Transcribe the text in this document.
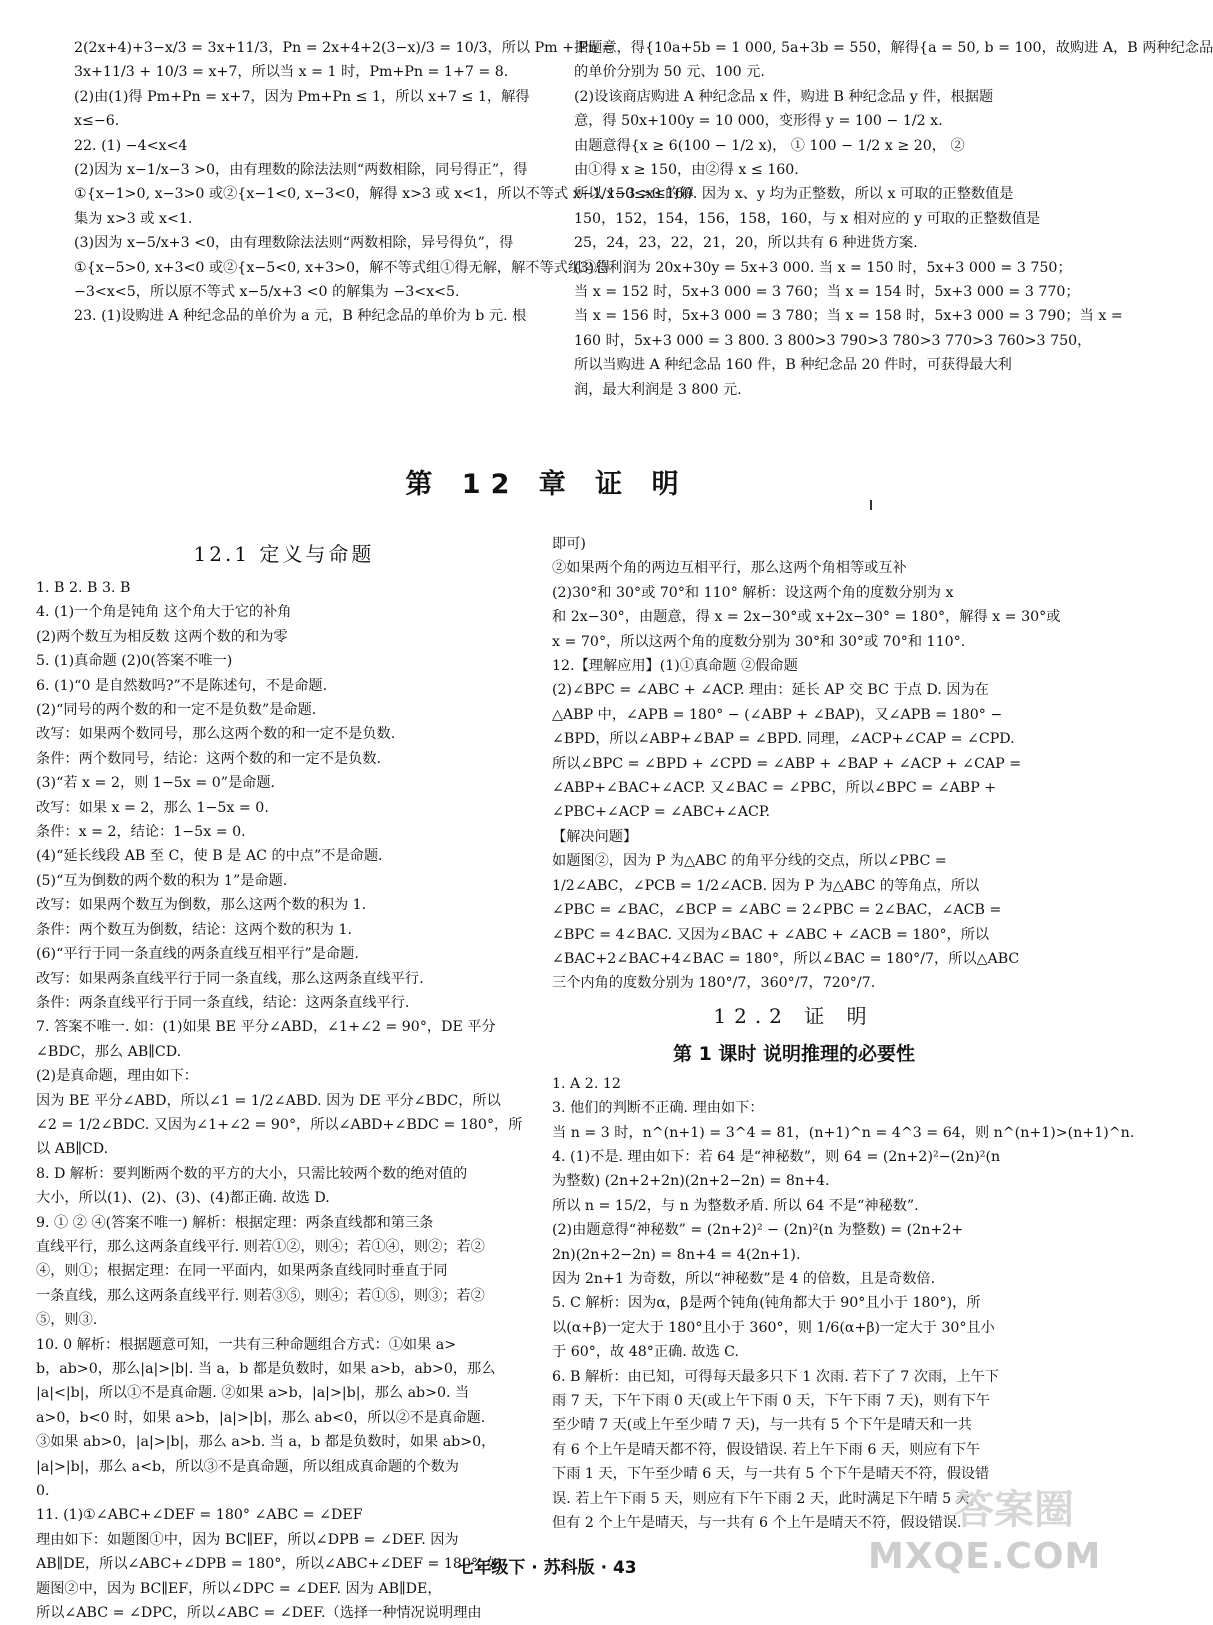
2(2x+4)+3−x/3 = 3x+11/3，Pn = 2x+4+2(3−x)/3 = 10/3，所以 Pm + Pn =
3x+11/3 + 10/3 = x+7，所以当 x = 1 时，Pm+Pn = 1+7 = 8.
(2)由(1)得 Pm+Pn = x+7，因为 Pm+Pn ≤ 1，所以 x+7 ≤ 1，解得
x≤−6.
22. (1) −4<x<4
(2)因为 x−1/x−3 >0，由有理数的除法法则“两数相除，同号得正”，得
①{x−1>0, x−3>0 或②{x−1<0, x−3<0，解得 x>3 或 x<1，所以不等式 x−1/x−3 >0 的解
集为 x>3 或 x<1.
(3)因为 x−5/x+3 <0，由有理数除法法则“两数相除，异号得负”，得
①{x−5>0, x+3<0 或②{x−5<0, x+3>0，解不等式组①得无解，解不等式组②得
−3<x<5，所以原不等式 x−5/x+3 <0 的解集为 −3<x<5.
23. (1)设购进 A 种纪念品的单价为 a 元，B 种纪念品的单价为 b 元. 根
据题意，得{10a+5b = 1 000, 5a+3b = 550，解得{a = 50, b = 100，故购进 A，B 两种纪念品
的单价分别为 50 元、100 元.
(2)设该商店购进 A 种纪念品 x 件，购进 B 种纪念品 y 件，根据题
意，得 50x+100y = 10 000，变形得 y = 100 − 1/2 x.
由题意得{x ≥ 6(100 − 1/2 x)， ① 100 − 1/2 x ≥ 20， ②
由①得 x ≥ 150，由②得 x ≤ 160.
所以 150≤x≤160. 因为 x、y 均为正整数，所以 x 可取的正整数值是
150，152，154，156，158，160，与 x 相对应的 y 可取的正整数值是
25，24，23，22，21，20，所以共有 6 种进货方案.
(3)总利润为 20x+30y = 5x+3 000. 当 x = 150 时，5x+3 000 = 3 750；
当 x = 152 时，5x+3 000 = 3 760；当 x = 154 时，5x+3 000 = 3 770；
当 x = 156 时，5x+3 000 = 3 780；当 x = 158 时，5x+3 000 = 3 790；当 x =
160 时，5x+3 000 = 3 800. 3 800>3 790>3 780>3 770>3 760>3 750，
所以当购进 A 种纪念品 160 件，B 种纪念品 20 件时，可获得最大利
润，最大利润是 3 800 元.
第 12 章 证 明
12.1 定义与命题
1. B 2. B 3. B
4. (1)一个角是钝角 这个角大于它的补角
(2)两个数互为相反数 这两个数的和为零
5. (1)真命题 (2)0(答案不唯一)
6. (1)“0 是自然数吗?”不是陈述句，不是命题.
(2)“同号的两个数的和一定不是负数”是命题.
改写：如果两个数同号，那么这两个数的和一定不是负数.
条件：两个数同号，结论：这两个数的和一定不是负数.
(3)“若 x = 2，则 1−5x = 0”是命题.
改写：如果 x = 2，那么 1−5x = 0.
条件：x = 2，结论：1−5x = 0.
(4)“延长线段 AB 至 C，使 B 是 AC 的中点”不是命题.
(5)“互为倒数的两个数的积为 1”是命题.
改写：如果两个数互为倒数，那么这两个数的积为 1.
条件：两个数互为倒数，结论：这两个数的积为 1.
(6)“平行于同一条直线的两条直线互相平行”是命题.
改写：如果两条直线平行于同一条直线，那么这两条直线平行.
条件：两条直线平行于同一条直线，结论：这两条直线平行.
7. 答案不唯一. 如：(1)如果 BE 平分∠ABD，∠1+∠2 = 90°，DE 平分
∠BDC，那么 AB∥CD.
(2)是真命题，理由如下：
因为 BE 平分∠ABD，所以∠1 = 1/2∠ABD. 因为 DE 平分∠BDC，所以
∠2 = 1/2∠BDC. 又因为∠1+∠2 = 90°，所以∠ABD+∠BDC = 180°，所
以 AB∥CD.
8. D 解析：要判断两个数的平方的大小，只需比较两个数的绝对值的
大小，所以(1)、(2)、(3)、(4)都正确. 故选 D.
9. ① ② ④(答案不唯一) 解析：根据定理：两条直线都和第三条
直线平行，那么这两条直线平行. 则若①②，则④；若①④，则②；若②
④，则①；根据定理：在同一平面内，如果两条直线同时垂直于同
一条直线，那么这两条直线平行. 则若③⑤，则④；若①⑤，则③；若②
⑤，则③.
10. 0 解析：根据题意可知，一共有三种命题组合方式：①如果 a>
b，ab>0，那么|a|>|b|. 当 a，b 都是负数时，如果 a>b，ab>0，那么
|a|<|b|，所以①不是真命题. ②如果 a>b，|a|>|b|，那么 ab>0. 当
a>0，b<0 时，如果 a>b，|a|>|b|，那么 ab<0，所以②不是真命题.
③如果 ab>0，|a|>|b|，那么 a>b. 当 a，b 都是负数时，如果 ab>0，
|a|>|b|，那么 a<b，所以③不是真命题，所以组成真命题的个数为
0.
11. (1)①∠ABC+∠DEF = 180° ∠ABC = ∠DEF
理由如下：如题图①中，因为 BC∥EF，所以∠DPB = ∠DEF. 因为
AB∥DE，所以∠ABC+∠DPB = 180°，所以∠ABC+∠DEF = 180°. 如
题图②中，因为 BC∥EF，所以∠DPC = ∠DEF. 因为 AB∥DE，
所以∠ABC = ∠DPC，所以∠ABC = ∠DEF.（选择一种情况说明理由
即可)
②如果两个角的两边互相平行，那么这两个角相等或互补
(2)30°和 30°或 70°和 110° 解析：设这两个角的度数分别为 x
和 2x−30°，由题意，得 x = 2x−30°或 x+2x−30° = 180°，解得 x = 30°或
x = 70°，所以这两个角的度数分别为 30°和 30°或 70°和 110°.
12.【理解应用】(1)①真命题 ②假命题
(2)∠BPC = ∠ABC + ∠ACP. 理由：延长 AP 交 BC 于点 D. 因为在
△ABP 中，∠APB = 180° − (∠ABP + ∠BAP)，又∠APB = 180° −
∠BPD，所以∠ABP+∠BAP = ∠BPD. 同理，∠ACP+∠CAP = ∠CPD.
所以∠BPC = ∠BPD + ∠CPD = ∠ABP + ∠BAP + ∠ACP + ∠CAP =
∠ABP+∠BAC+∠ACP. 又∠BAC = ∠PBC，所以∠BPC = ∠ABP +
∠PBC+∠ACP = ∠ABC+∠ACP.
【解决问题】
如题图②，因为 P 为△ABC 的角平分线的交点，所以∠PBC =
1/2∠ABC，∠PCB = 1/2∠ACB. 因为 P 为△ABC 的等角点，所以
∠PBC = ∠BAC，∠BCP = ∠ABC = 2∠PBC = 2∠BAC，∠ACB =
∠BPC = 4∠BAC. 又因为∠BAC + ∠ABC + ∠ACB = 180°，所以
∠BAC+2∠BAC+4∠BAC = 180°，所以∠BAC = 180°/7，所以△ABC
三个内角的度数分别为 180°/7，360°/7，720°/7.
12.2 证 明
第 1 课时 说明推理的必要性
1. A 2. 12
3. 他们的判断不正确. 理由如下：
当 n = 3 时，n^(n+1) = 3^4 = 81，(n+1)^n = 4^3 = 64，则 n^(n+1)>(n+1)^n.
4. (1)不是. 理由如下：若 64 是“神秘数”，则 64 = (2n+2)²−(2n)²(n
为整数) (2n+2+2n)(2n+2−2n) = 8n+4.
所以 n = 15/2，与 n 为整数矛盾. 所以 64 不是“神秘数”.
(2)由题意得“神秘数” = (2n+2)² − (2n)²(n 为整数) = (2n+2+
2n)(2n+2−2n) = 8n+4 = 4(2n+1).
因为 2n+1 为奇数，所以“神秘数”是 4 的倍数，且是奇数倍.
5. C 解析：因为α，β是两个钝角(钝角都大于 90°且小于 180°)，所
以(α+β)一定大于 180°且小于 360°，则 1/6(α+β)一定大于 30°且小
于 60°，故 48°正确. 故选 C.
6. B 解析：由已知，可得每天最多只下 1 次雨. 若下了 7 次雨，上午下
雨 7 天，下午下雨 0 天(或上午下雨 0 天，下午下雨 7 天)，则有下午
至少晴 7 天(或上午至少晴 7 天)，与一共有 5 个下午是晴天和一共
有 6 个上午是晴天都不符，假设错误. 若上午下雨 6 天，则应有下午
下雨 1 天，下午至少晴 6 天，与一共有 5 个下午是晴天不符，假设错
误. 若上午下雨 5 天，则应有下午下雨 2 天，此时满足下午晴 5 天，
但有 2 个上午是晴天，与一共有 6 个上午是晴天不符，假设错误.
七年级下 · 苏科版 · 43
答案圈
MXQE.COM
